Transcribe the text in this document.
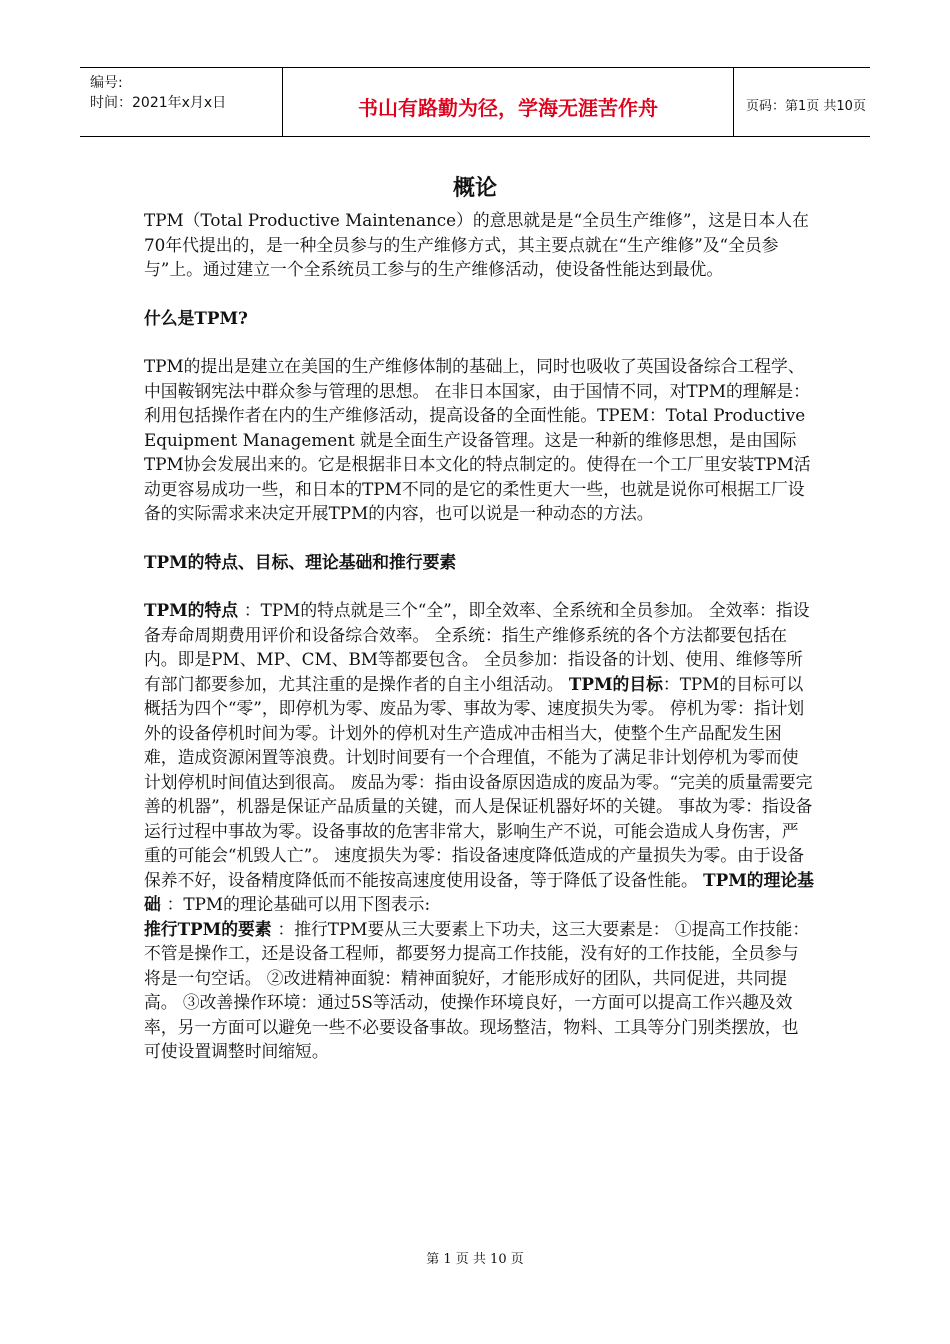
编号:
时间：2021年x月x日	书山有路勤为径，学海无涯苦作舟	页码：第1页 共10页
概论

TPM（Total Productive Maintenance）的意思就是是“全员生产维修”，这是日本人在70年代提出的，是一种全员参与的生产维修方式，其主要点就在“生产维修”及“全员参与”上。通过建立一个全系统员工参与的生产维修活动，使设备性能达到最优。

什么是TPM?

TPM的提出是建立在美国的生产维修体制的基础上，同时也吸收了英国设备综合工程学、中国鞍钢宪法中群众参与管理的思想。 在非日本国家，由于国情不同，对TPM的理解是：利用包括操作者在内的生产维修活动，提高设备的全面性能。TPEM：Total Productive Equipment Management 就是全面生产设备管理。这是一种新的维修思想，是由国际TPM协会发展出来的。它是根据非日本文化的特点制定的。使得在一个工厂里安装TPM活动更容易成功一些，和日本的TPM不同的是它的柔性更大一些，也就是说你可根据工厂设备的实际需求来决定开展TPM的内容，也可以说是一种动态的方法。

TPM的特点、目标、理论基础和推行要素

TPM的特点 ：TPM的特点就是三个“全”，即全效率、全系统和全员参加。 全效率：指设备寿命周期费用评价和设备综合效率。 全系统：指生产维修系统的各个方法都要包括在内。即是PM、MP、CM、BM等都要包含。 全员参加：指设备的计划、使用、维修等所有部门都要参加，尤其注重的是操作者的自主小组活动。 TPM的目标：TPM的目标可以概括为四个“零”，即停机为零、废品为零、事故为零、速度损失为零。 停机为零：指计划外的设备停机时间为零。计划外的停机对生产造成冲击相当大，使整个生产品配发生困难，造成资源闲置等浪费。计划时间要有一个合理值，不能为了满足非计划停机为零而使计划停机时间值达到很高。 废品为零：指由设备原因造成的废品为零。“完美的质量需要完善的机器”，机器是保证产品质量的关键，而人是保证机器好坏的关键。 事故为零：指设备运行过程中事故为零。设备事故的危害非常大，影响生产不说，可能会造成人身伤害，严重的可能会“机毁人亡”。 速度损失为零：指设备速度降低造成的产量损失为零。由于设备保养不好，设备精度降低而不能按高速度使用设备，等于降低了设备性能。 TPM的理论基础 ：TPM的理论基础可以用下图表示:

推行TPM的要素 ：推行TPM要从三大要素上下功夫，这三大要素是： ①提高工作技能：不管是操作工，还是设备工程师，都要努力提高工作技能，没有好的工作技能，全员参与将是一句空话。 ②改进精神面貌：精神面貌好，才能形成好的团队，共同促进，共同提高。 ③改善操作环境：通过5S等活动，使操作环境良好，一方面可以提高工作兴趣及效率，另一方面可以避免一些不必要设备事故。现场整洁，物料、工具等分门别类摆放，也可使设置调整时间缩短。

第 1 页 共 10 页
